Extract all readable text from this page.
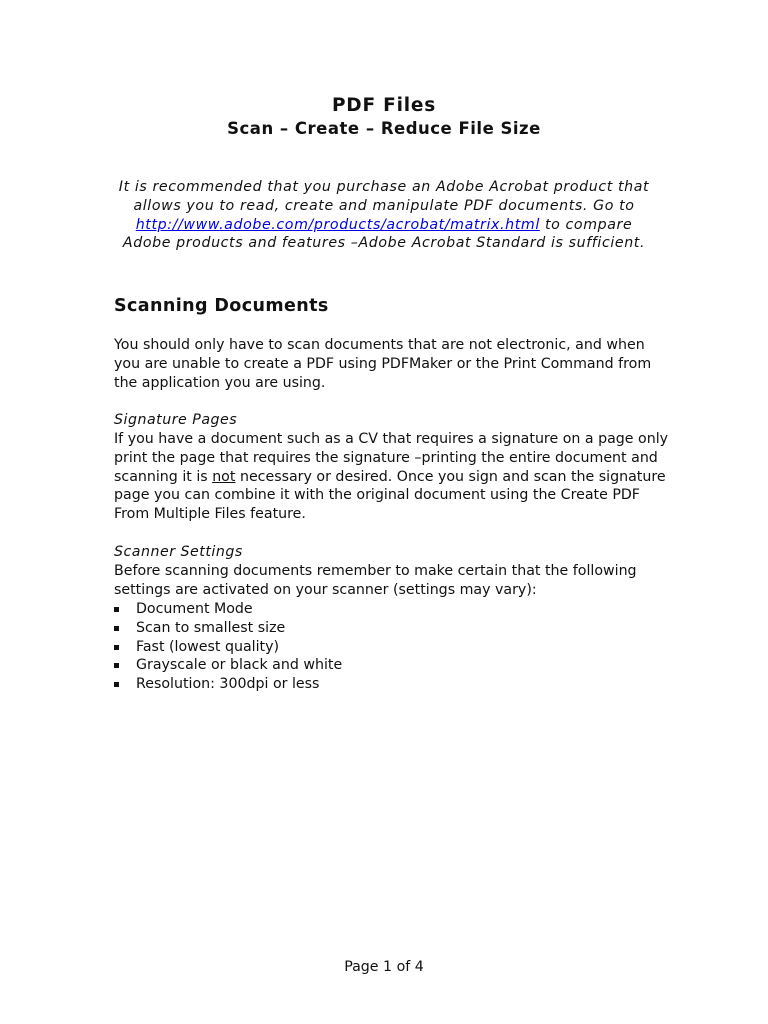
PDF Files
Scan – Create – Reduce File Size
It is recommended that you purchase an Adobe Acrobat product that
allows you to read, create and manipulate PDF documents. Go to
http://www.adobe.com/products/acrobat/matrix.html to compare
Adobe products and features –Adobe Acrobat Standard is sufficient.
Scanning Documents
You should only have to scan documents that are not electronic, and when you are unable to create a PDF using PDFMaker or the Print Command from the application you are using.
Signature Pages
If you have a document such as a CV that requires a signature on a page only print the page that requires the signature –printing the entire document and scanning it is not necessary or desired. Once you sign and scan the signature page you can combine it with the original document using the Create PDF From Multiple Files feature.
Scanner Settings
Before scanning documents remember to make certain that the following settings are activated on your scanner (settings may vary):
Document Mode
Scan to smallest size
Fast (lowest quality)
Grayscale or black and white
Resolution: 300dpi or less
Page 1 of 4
